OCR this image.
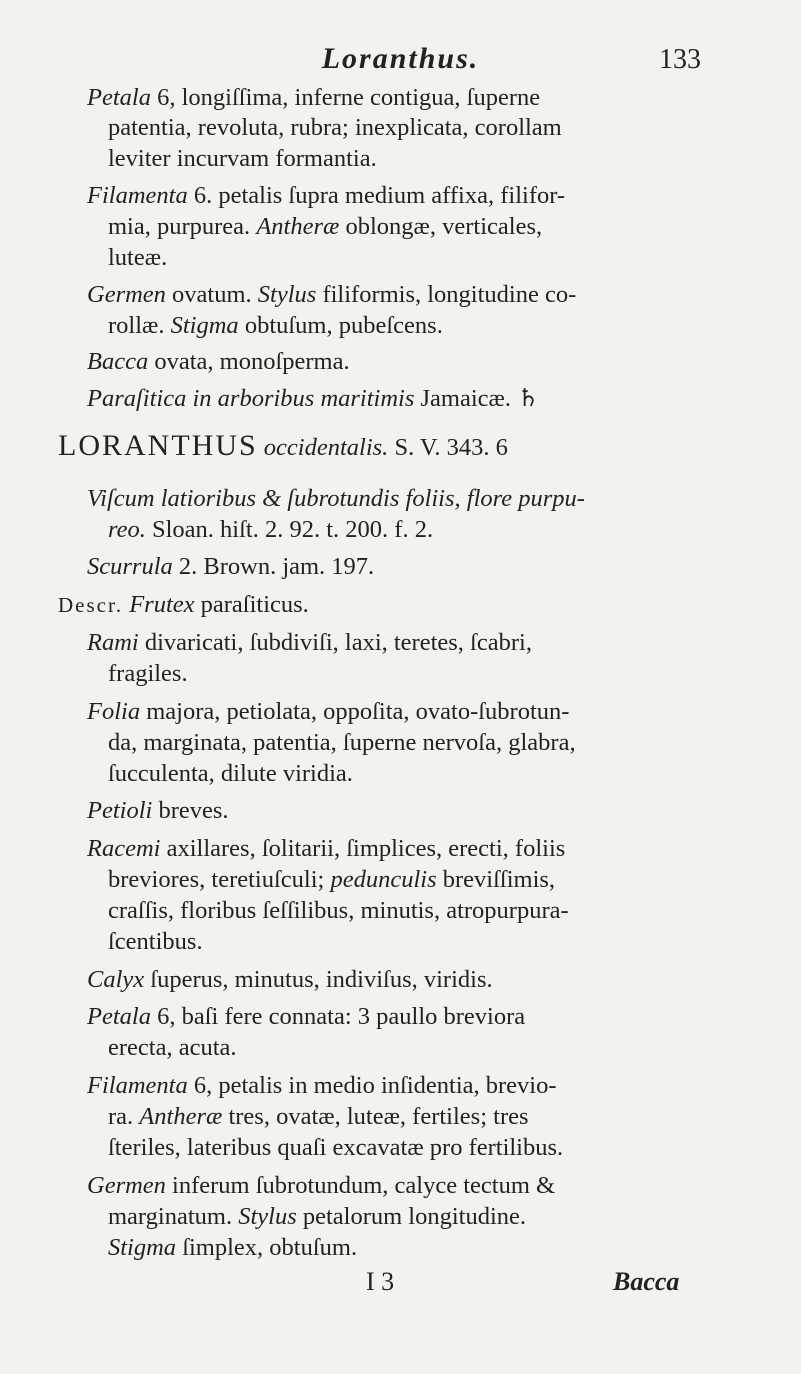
Loranthus.	133
Petala 6, longiſſima, inferne contigua, ſuperne
patentia, revoluta, rubra; inexplicata, corollam
leviter incurvam formantia.
Filamenta 6. petalis ſupra medium affixa, filifor-
mia, purpurea. Antheræ oblongæ, verticales,
luteæ.
Germen ovatum. Stylus filiformis, longitudine co-
rollæ. Stigma obtuſum, pubeſcens.
Bacca ovata, monoſperma.
Paraſitica in arboribus maritimis Jamaicæ. ♄
LORANTHUS occidentalis. S. V. 343. 6
Viſcum latioribus & ſubrotundis foliis, flore purpu-
reo. Sloan. hiſt. 2. 92. t. 200. f. 2.
Scurrula 2. Brown. jam. 197.
Descr. Frutex paraſiticus.
Rami divaricati, ſubdiviſi, laxi, teretes, ſcabri,
fragiles.
Folia majora, petiolata, oppoſita, ovato-ſubrotun-
da, marginata, patentia, ſuperne nervoſa, glabra,
ſucculenta, dilute viridia.
Petioli breves.
Racemi axillares, ſolitarii, ſimplices, erecti, foliis
breviores, teretiuſculi; pedunculis breviſſimis,
craſſis, floribus ſeſſilibus, minutis, atropurpura-
ſcentibus.
Calyx ſuperus, minutus, indiviſus, viridis.
Petala 6, baſi fere connata: 3 paullo breviora
erecta, acuta.
Filamenta 6, petalis in medio inſidentia, brevio-
ra. Antheræ tres, ovatæ, luteæ, fertiles; tres
ſteriles, lateribus quaſi excavatæ pro fertilibus.
Germen inferum ſubrotundum, calyce tectum &
marginatum. Stylus petalorum longitudine.
Stigma ſimplex, obtuſum.
I 3	Bacca
